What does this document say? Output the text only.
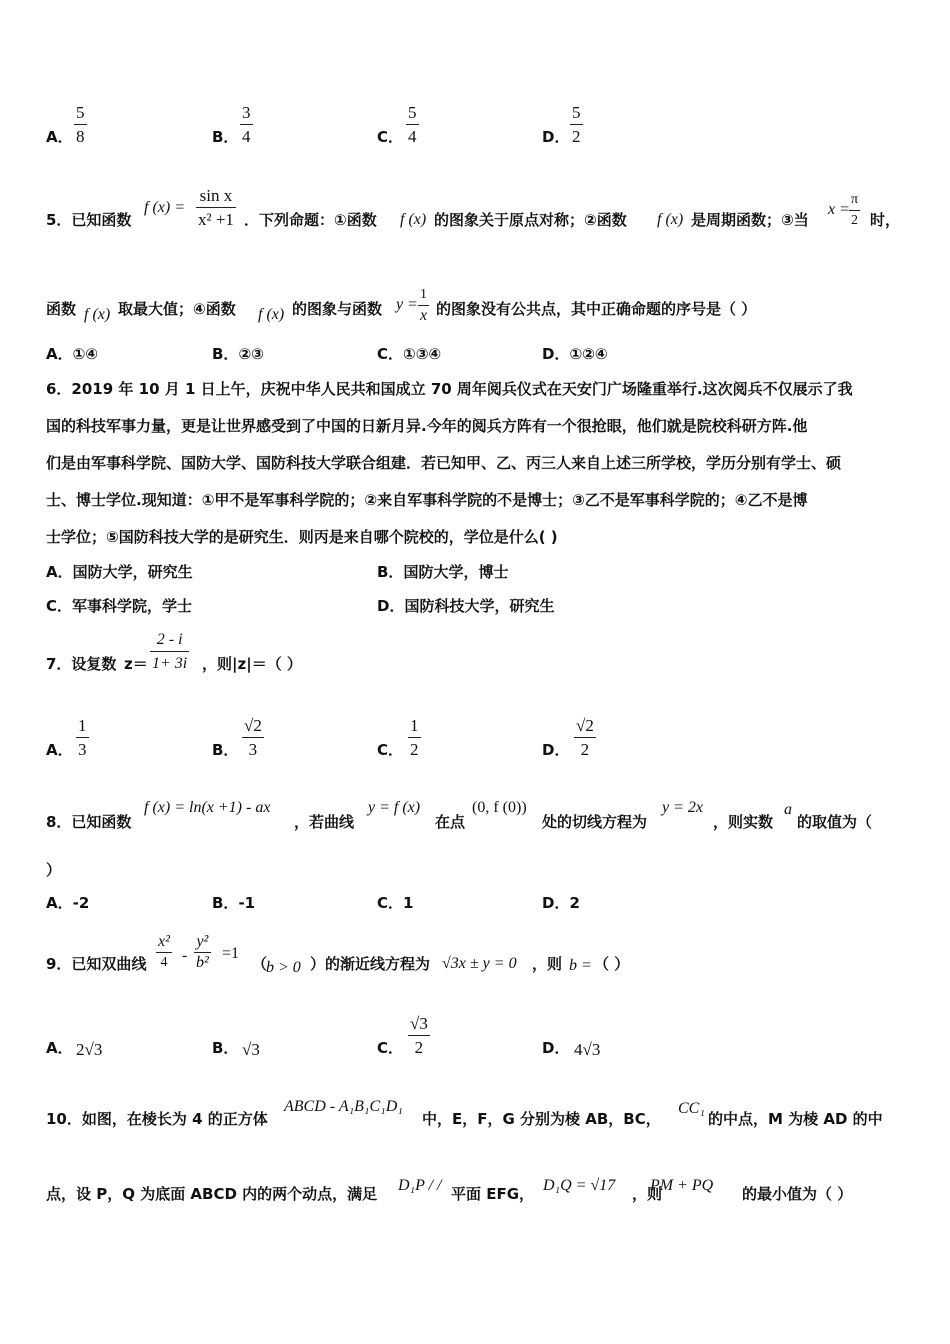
A．
5
8	B．
3
4	C．
5
4	D．
5
2
5．已知函数
f (x) =
sin x
x² +1 ．下列命题：①函数 f (x) 的图象关于原点对称；②函数 f (x) 是周期函数；③当
x =
π
2 时，
函数 f (x) 取最大值；④函数 f (x) 的图象与函数 y =
1
x 的图象没有公共点，其中正确命题的序号是（ ）
A．①④	B．②③	C．①③④	D．①②④
6．2019 年 10 月 1 日上午，庆祝中华人民共和国成立 70 周年阅兵仪式在天安门广场隆重举行.这次阅兵不仅展示了我
国的科技军事力量，更是让世界感受到了中国的日新月异.今年的阅兵方阵有一个很抢眼，他们就是院校科研方阵.他
们是由军事科学院、国防大学、国防科技大学联合组建．若已知甲、乙、丙三人来自上述三所学校，学历分别有学士、硕
士、博士学位.现知道：①甲不是军事科学院的；②来自军事科学院的不是博士；③乙不是军事科学院的；④乙不是博
士学位；⑤国防科技大学的是研究生．则丙是来自哪个院校的，学位是什么( )
A．国防大学，研究生	B．国防大学，博士
C．军事科学院，学士	D．国防科技大学，研究生
7．设复数 z＝
2 - i
1+ 3i ，则|z|＝（ ）
A．
1
3	B．
√2
3	C．
1
2	D．
√2
2
8．已知函数
f (x) = ln(x +1) - ax
，若曲线
y = f (x)
在点
(0, f (0))
处的切线方程为
y = 2x
，则实数
a
的取值为（
）
A．-2	B．-1	C．1	D．2
9．已知双曲线
x²
4 -
y²
b²
=1
（
b > 0 ）的渐近线方程为 √3x ± y = 0 ，则 b = （ ）
A． 2√3	B． √3	C．
√3
2	D． 4√3
10．如图，在棱长为 4 的正方体
ABCD - A₁B₁C₁D₁
中，E，F，G 分别为棱 AB，BC，
CC₁
的中点，M 为棱 AD 的中
点，设 P，Q 为底面 ABCD 内的两个动点，满足 D₁P / / 平面 EFG， D₁Q = √17 ，则
PM + PQ 的最小值为（ ）
